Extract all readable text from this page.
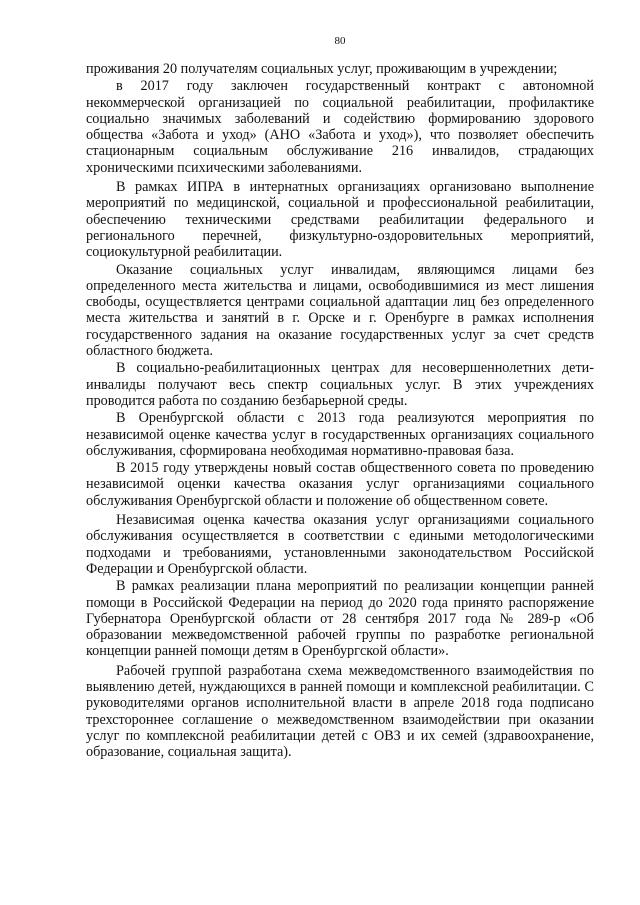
80

проживания 20 получателям социальных услуг, проживающим в учреждении;

в 2017 году заключен государственный контракт с автономной некоммерческой организацией по социальной реабилитации, профилактике социально значимых заболеваний и содействию формированию здорового общества «Забота и уход» (АНО «Забота и уход»), что позволяет обеспечить стационарным социальным обслуживание 216 инвалидов, страдающих хроническими психическими заболеваниями.

В рамках ИПРА в интернатных организациях организовано выполнение мероприятий по медицинской, социальной и профессиональной реабилитации, обеспечению техническими средствами реабилитации федерального и регионального перечней, физкультурно-оздоровительных мероприятий, социокультурной реабилитации.

Оказание социальных услуг инвалидам, являющимся лицами без определенного места жительства и лицами, освободившимися из мест лишения свободы, осуществляется центрами социальной адаптации лиц без определенного места жительства и занятий в г. Орске и г. Оренбурге в рамках исполнения государственного задания на оказание государственных услуг за счет средств областного бюджета.

В социально-реабилитационных центрах для несовершеннолетних дети-инвалиды получают весь спектр социальных услуг. В этих учреждениях проводится работа по созданию безбарьерной среды.

В Оренбургской области с 2013 года реализуются мероприятия по независимой оценке качества услуг в государственных организациях социального обслуживания, сформирована необходимая нормативно-правовая база.

В 2015 году утверждены новый состав общественного совета по проведению независимой оценки качества оказания услуг организациями социального обслуживания Оренбургской области и положение об общественном совете.

Независимая оценка качества оказания услуг организациями социального обслуживания осуществляется в соответствии с едиными методологическими подходами и требованиями, установленными законодательством Российской Федерации и Оренбургской области.

В рамках реализации плана мероприятий по реализации концепции ранней помощи в Российской Федерации на период до 2020 года принято распоряжение Губернатора Оренбургской области от 28 сентября 2017 года № 289-р «Об образовании межведомственной рабочей группы по разработке региональной концепции ранней помощи детям в Оренбургской области».

Рабочей группой разработана схема межведомственного взаимодействия по выявлению детей, нуждающихся в ранней помощи и комплексной реабилитации. С руководителями органов исполнительной власти в апреле 2018 года подписано трехстороннее соглашение о межведомственном взаимодействии при оказании услуг по комплексной реабилитации детей с ОВЗ и их семей (здравоохранение, образование, социальная защита).
